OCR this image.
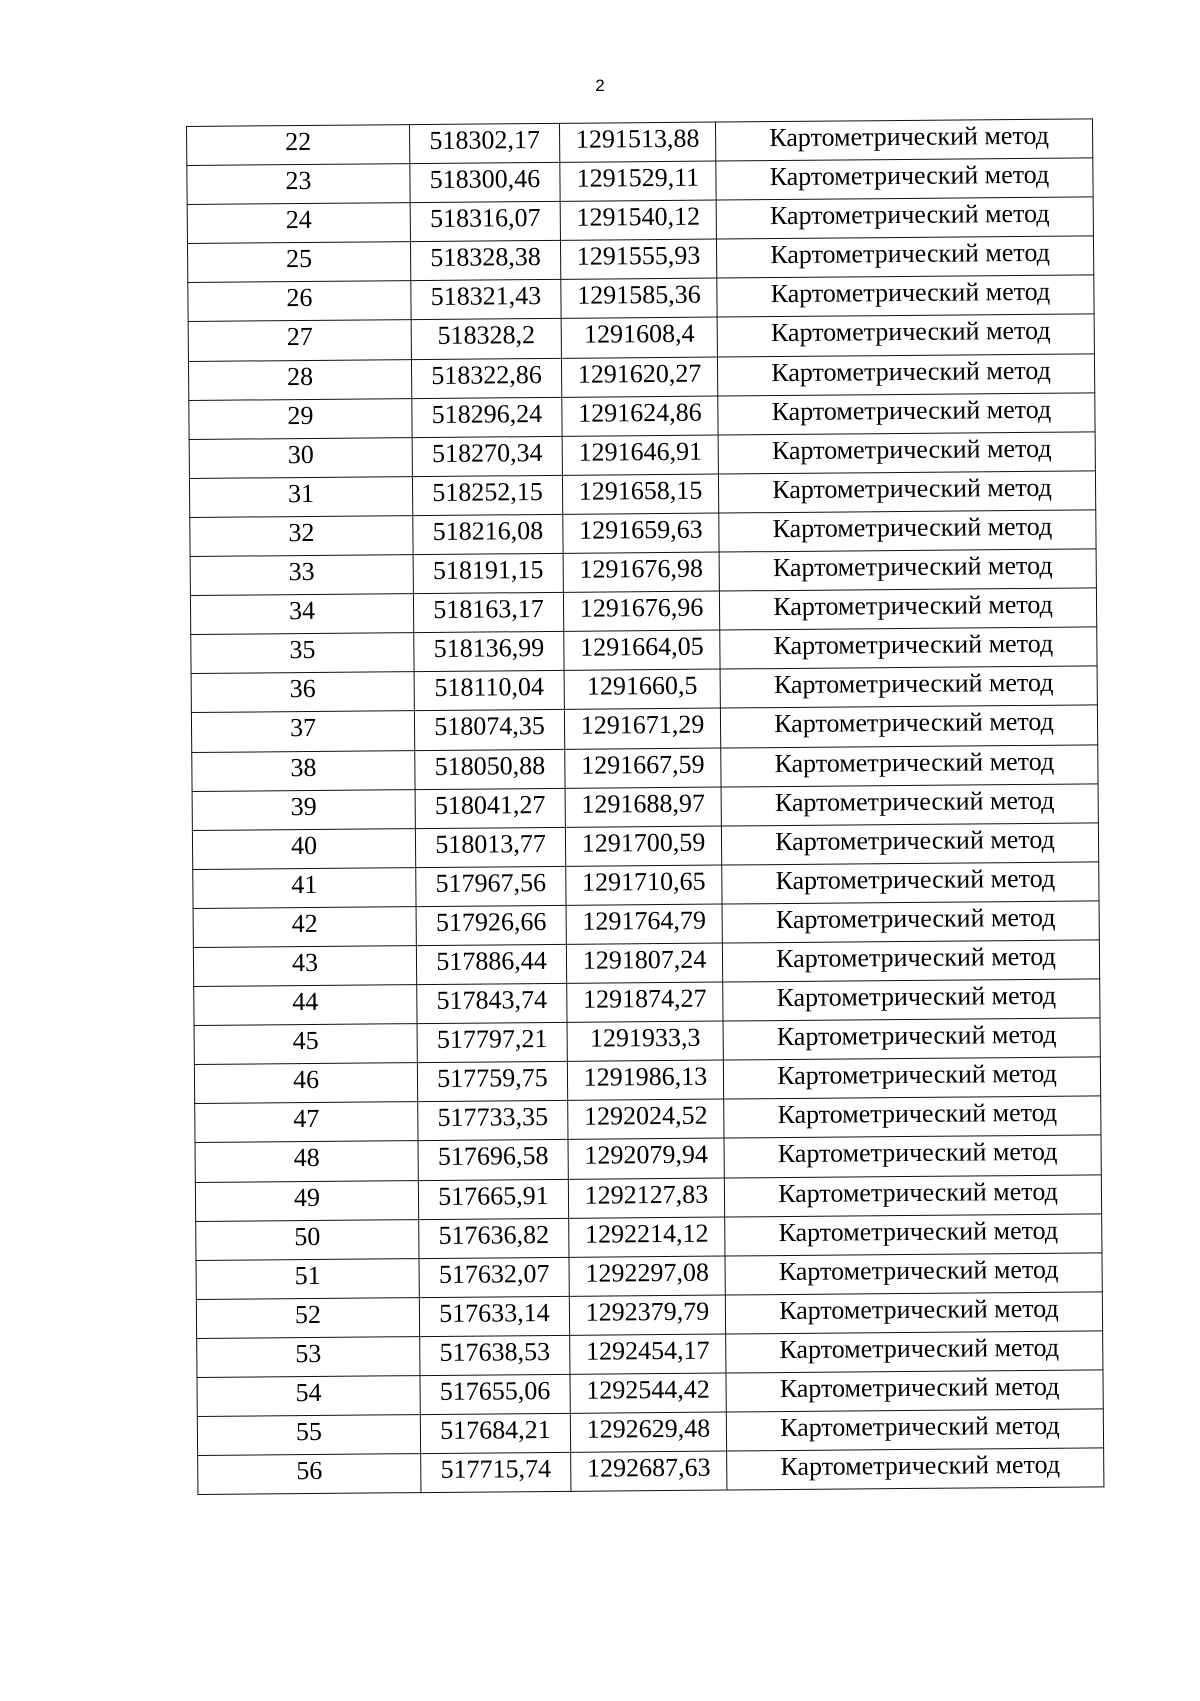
2
22	518302,17	1291513,88	Картометрический метод

23	518300,46	1291529,11	Картометрический метод

24	518316,07	1291540,12	Картометрический метод

25	518328,38	1291555,93	Картометрический метод

26	518321,43	1291585,36	Картометрический метод

27	518328,2	1291608,4	Картометрический метод

28	518322,86	1291620,27	Картометрический метод

29	518296,24	1291624,86	Картометрический метод

30	518270,34	1291646,91	Картометрический метод

31	518252,15	1291658,15	Картометрический метод

32	518216,08	1291659,63	Картометрический метод

33	518191,15	1291676,98	Картометрический метод

34	518163,17	1291676,96	Картометрический метод

35	518136,99	1291664,05	Картометрический метод

36	518110,04	1291660,5	Картометрический метод

37	518074,35	1291671,29	Картометрический метод

38	518050,88	1291667,59	Картометрический метод

39	518041,27	1291688,97	Картометрический метод

40	518013,77	1291700,59	Картометрический метод

41	517967,56	1291710,65	Картометрический метод

42	517926,66	1291764,79	Картометрический метод

43	517886,44	1291807,24	Картометрический метод

44	517843,74	1291874,27	Картометрический метод

45	517797,21	1291933,3	Картометрический метод

46	517759,75	1291986,13	Картометрический метод

47	517733,35	1292024,52	Картометрический метод

48	517696,58	1292079,94	Картометрический метод

49	517665,91	1292127,83	Картометрический метод

50	517636,82	1292214,12	Картометрический метод

51	517632,07	1292297,08	Картометрический метод

52	517633,14	1292379,79	Картометрический метод

53	517638,53	1292454,17	Картометрический метод

54	517655,06	1292544,42	Картометрический метод

55	517684,21	1292629,48	Картометрический метод

56	517715,74	1292687,63	Картометрический метод
